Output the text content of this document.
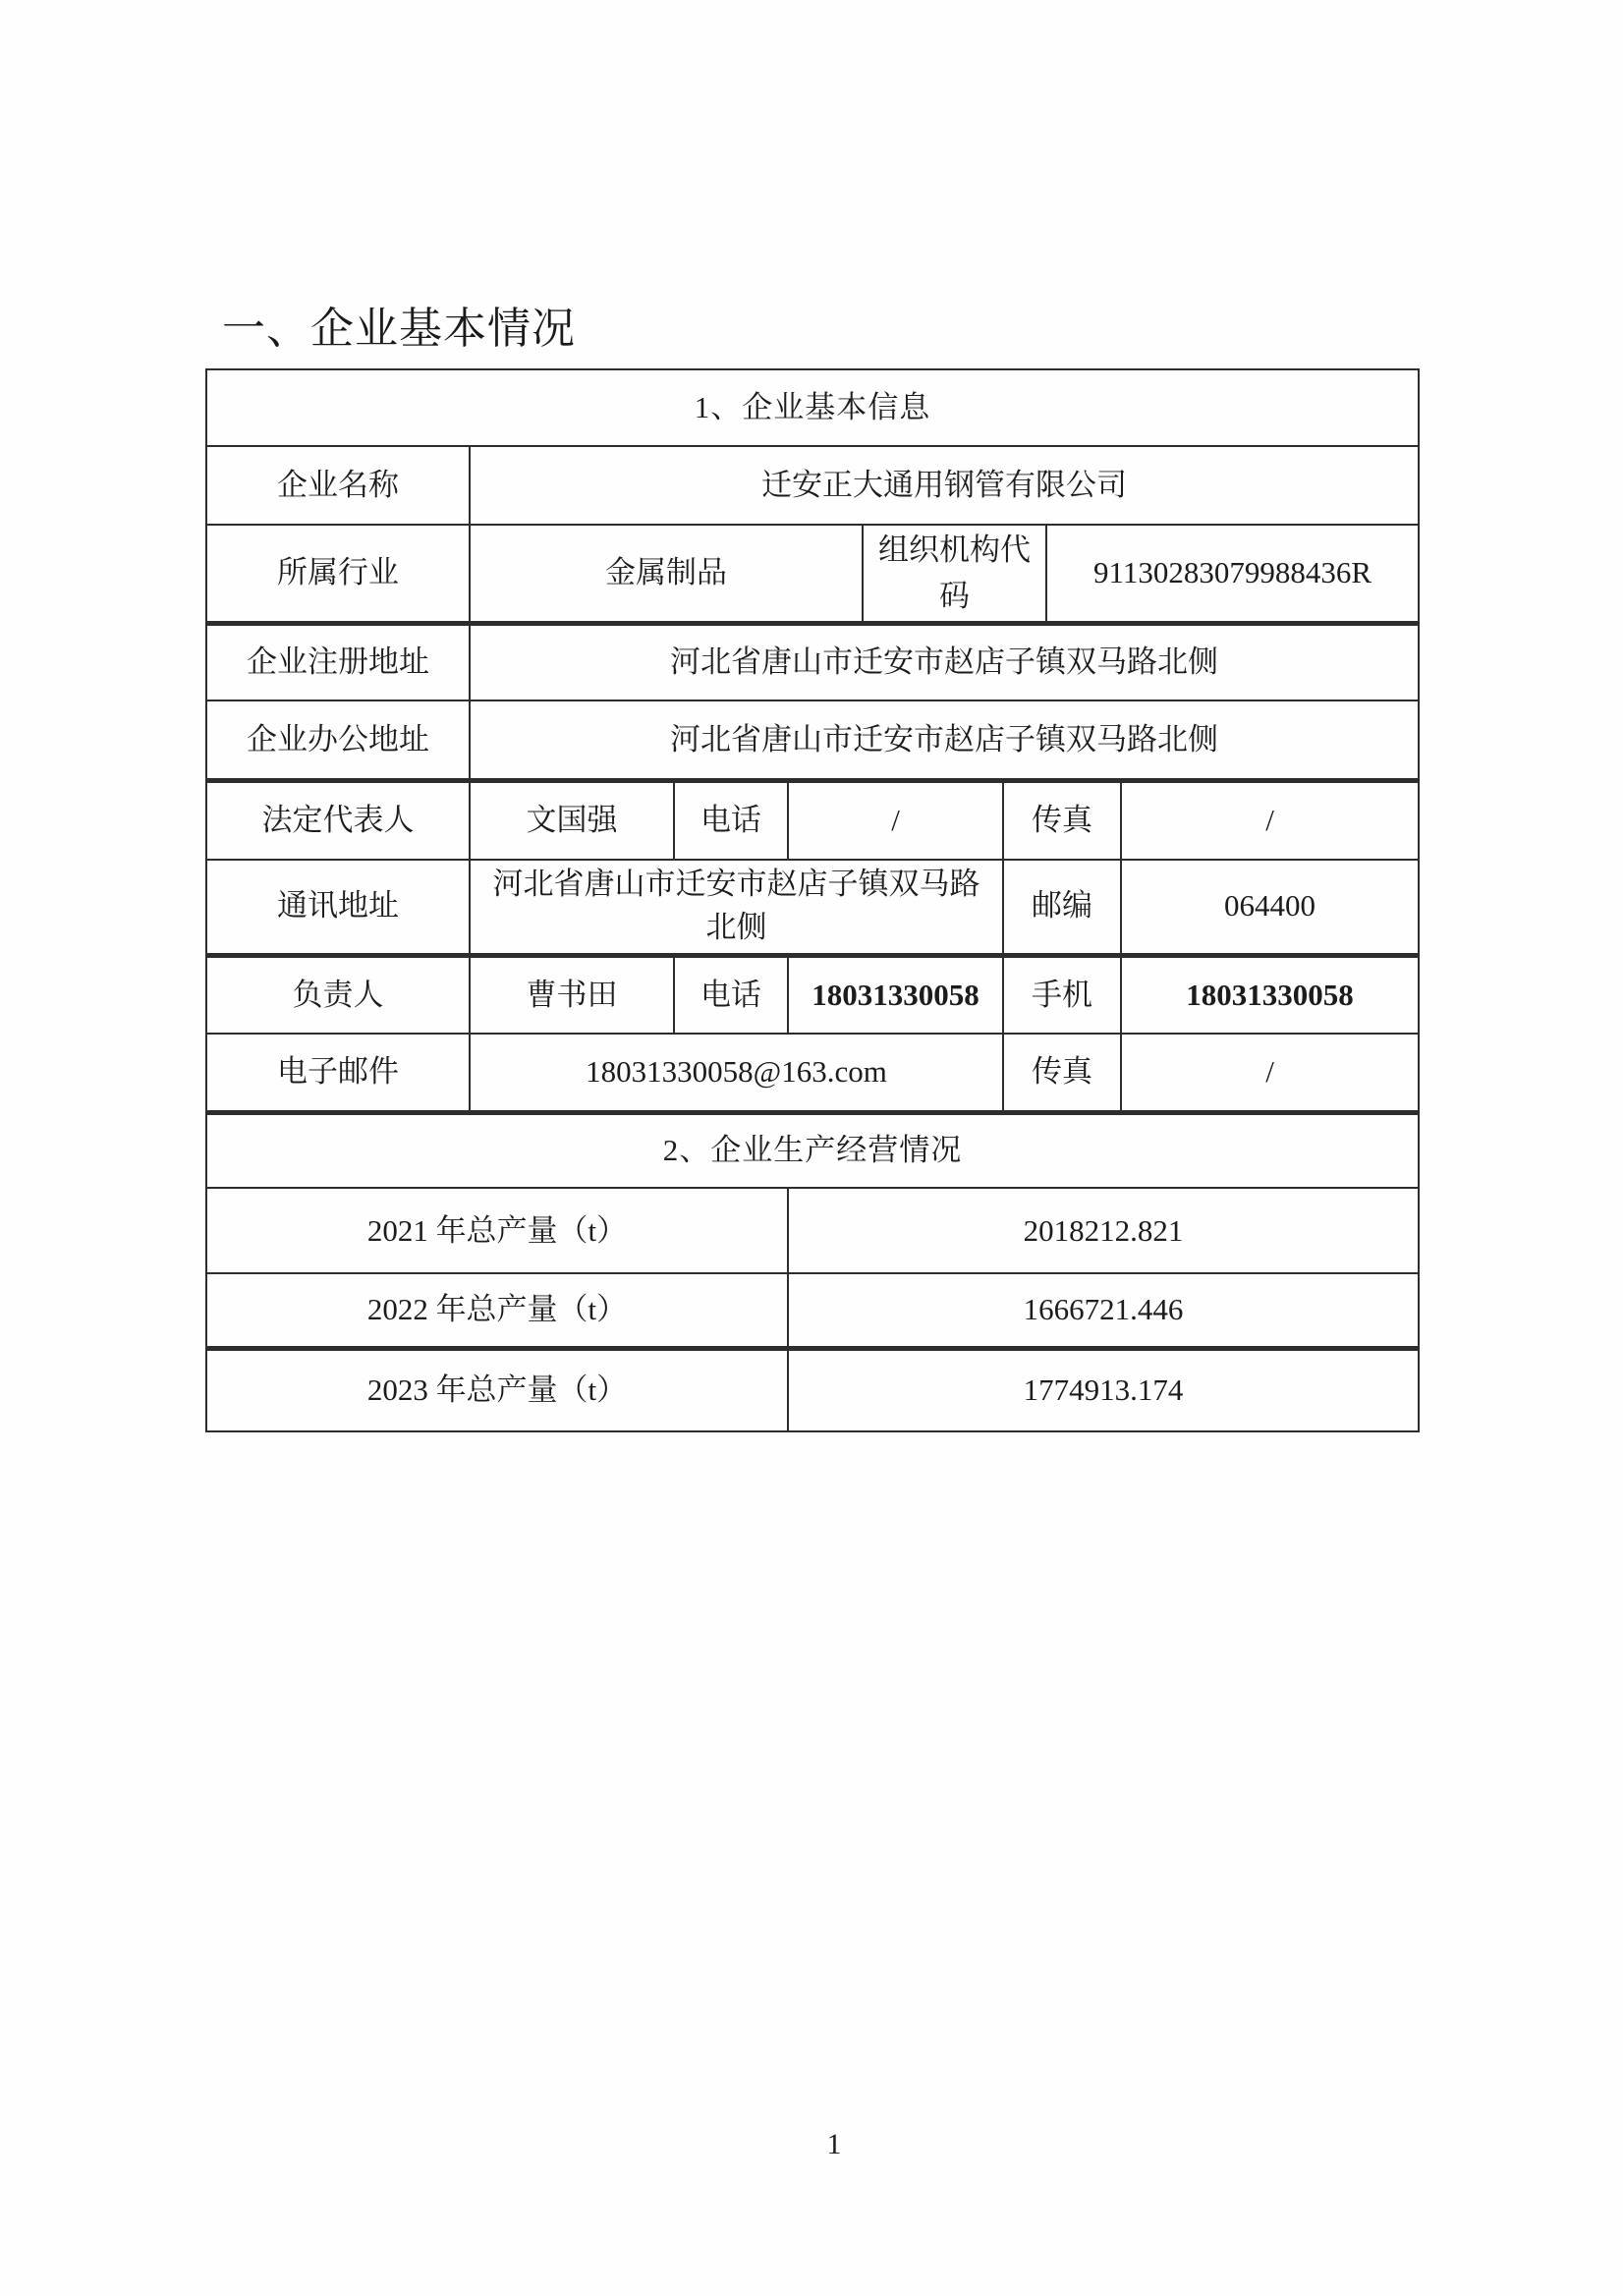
一、企业基本情况
1、企业基本信息							
企业名称	迁安正大通用钢管有限公司						
所属行业	金属制品			组织机构代码		91130283079988436R	
企业注册地址	河北省唐山市迁安市赵店子镇双马路北侧						
企业办公地址	河北省唐山市迁安市赵店子镇双马路北侧						
法定代表人	文国强	电话	/		传真		/
通讯地址	河北省唐山市迁安市赵店子镇双马路北侧				邮编		064400
负责人	曹书田	电话	18031330058		手机		18031330058
电子邮件	18031330058@163.com				传真		/
2、企业生产经营情况							
2021 年总产量（t）			2018212.821				
2022 年总产量（t）			1666721.446				
2023 年总产量（t）			1774913.174				
1
